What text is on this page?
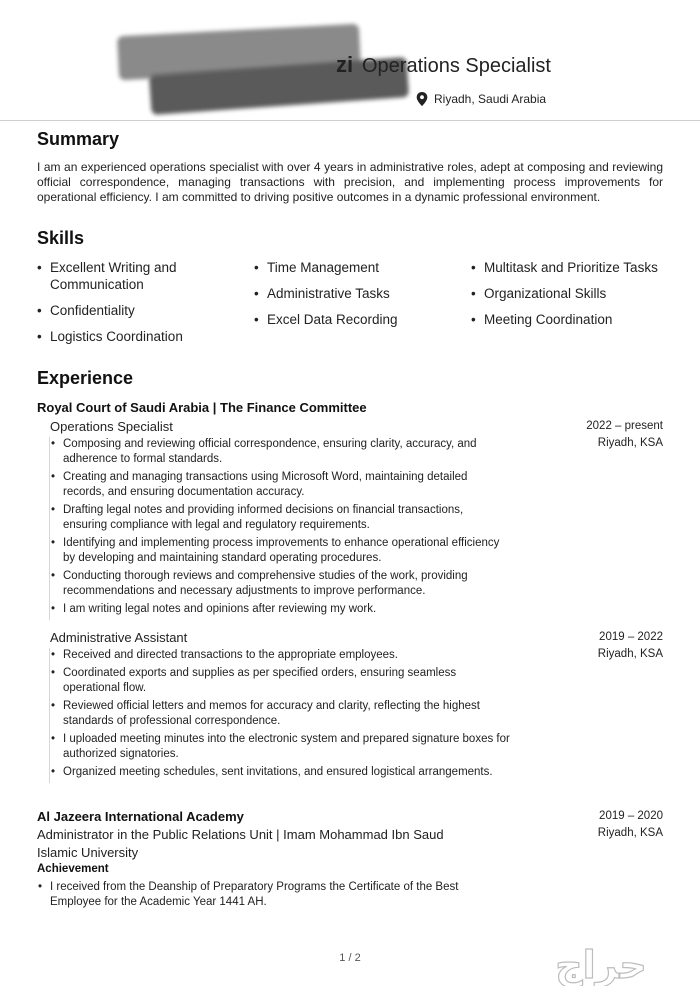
zi Operations Specialist
Riyadh, Saudi Arabia
Summary
I am an experienced operations specialist with over 4 years in administrative roles, adept at composing and reviewing official correspondence, managing transactions with precision, and implementing process improvements for operational efficiency. I am committed to driving positive outcomes in a dynamic professional environment.
Skills
• Excellent Writing and Communication
• Confidentiality
• Logistics Coordination
• Time Management
• Administrative Tasks
• Excel Data Recording
• Multitask and Prioritize Tasks
• Organizational Skills
• Meeting Coordination
Experience
Royal Court of Saudi Arabia | The Finance Committee
Operations Specialist	2022 – present
Riyadh, KSA
• Composing and reviewing official correspondence, ensuring clarity, accuracy, and adherence to formal standards.
• Creating and managing transactions using Microsoft Word, maintaining detailed records, and ensuring documentation accuracy.
• Drafting legal notes and providing informed decisions on financial transactions, ensuring compliance with legal and regulatory requirements.
• Identifying and implementing process improvements to enhance operational efficiency by developing and maintaining standard operating procedures.
• Conducting thorough reviews and comprehensive studies of the work, providing recommendations and necessary adjustments to improve performance.
• I am writing legal notes and opinions after reviewing my work.
Administrative Assistant	2019 – 2022
Riyadh, KSA
• Received and directed transactions to the appropriate employees.
• Coordinated exports and supplies as per specified orders, ensuring seamless operational flow.
• Reviewed official letters and memos for accuracy and clarity, reflecting the highest standards of professional correspondence.
• I uploaded meeting minutes into the electronic system and prepared signature boxes for authorized signatories.
• Organized meeting schedules, sent invitations, and ensured logistical arrangements.
Al Jazeera International Academy	2019 – 2020
Riyadh, KSA
Administrator in the Public Relations Unit | Imam Mohammad Ibn Saud Islamic University
Achievement
• I received from the Deanship of Preparatory Programs the Certificate of the Best Employee for the Academic Year 1441 AH.
1 / 2	حراج
